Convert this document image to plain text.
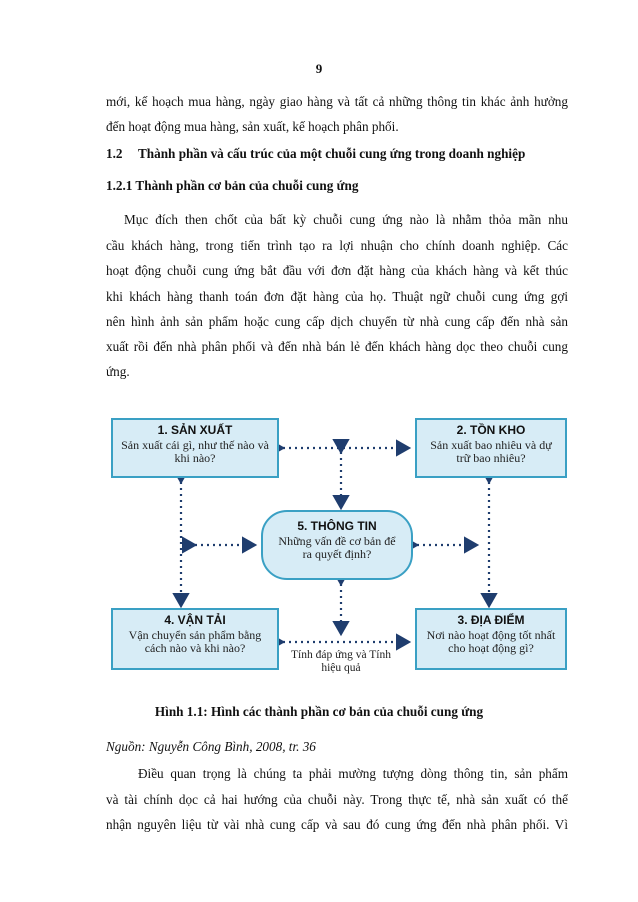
9
mới, kế hoạch mua hàng, ngày giao hàng và tất cả những thông tin khác ảnh hưởng
đến hoạt động mua hàng, sản xuất, kế hoạch phân phối.
1.2 Thành phần và cấu trúc của một chuỗi cung ứng trong doanh nghiệp
1.2.1 Thành phần cơ bản của chuỗi cung ứng
Mục đích then chốt của bất kỳ chuỗi cung ứng nào là nhằm thỏa mãn nhu
cầu khách hàng, trong tiến trình tạo ra lợi nhuận cho chính doanh nghiệp. Các
hoạt động chuỗi cung ứng bắt đầu với đơn đặt hàng của khách hàng và kết thúc
khi khách hàng thanh toán đơn đặt hàng của họ. Thuật ngữ chuỗi cung ứng gợi
nên hình ảnh sản phẩm hoặc cung cấp dịch chuyển từ nhà cung cấp đến nhà sản
xuất rồi đến nhà phân phối và đến nhà bán lẻ đến khách hàng dọc theo chuỗi cung
ứng.
1. SẢN XUẤT
Sản xuất cái gì, như thế nào và khi nào?
2. TỒN KHO
Sản xuất bao nhiêu và dự trữ bao nhiêu?
5. THÔNG TIN
Những vấn đề cơ bản để ra quyết định?
4. VẬN TẢI
Vận chuyển sản phẩm bằng cách nào và khi nào?
3. ĐỊA ĐIỂM
Nơi nào hoạt động tốt nhất cho hoạt động gì?
Tính đáp ứng và Tính hiệu quả
Hình 1.1: Hình các thành phần cơ bản của chuỗi cung ứng
Nguồn: Nguyễn Công Bình, 2008, tr. 36
Điều quan trọng là chúng ta phải mường tượng dòng thông tin, sản phẩm
và tài chính dọc cả hai hướng của chuỗi này. Trong thực tế, nhà sản xuất có thể
nhận nguyên liệu từ vài nhà cung cấp và sau đó cung ứng đến nhà phân phối. Vì
